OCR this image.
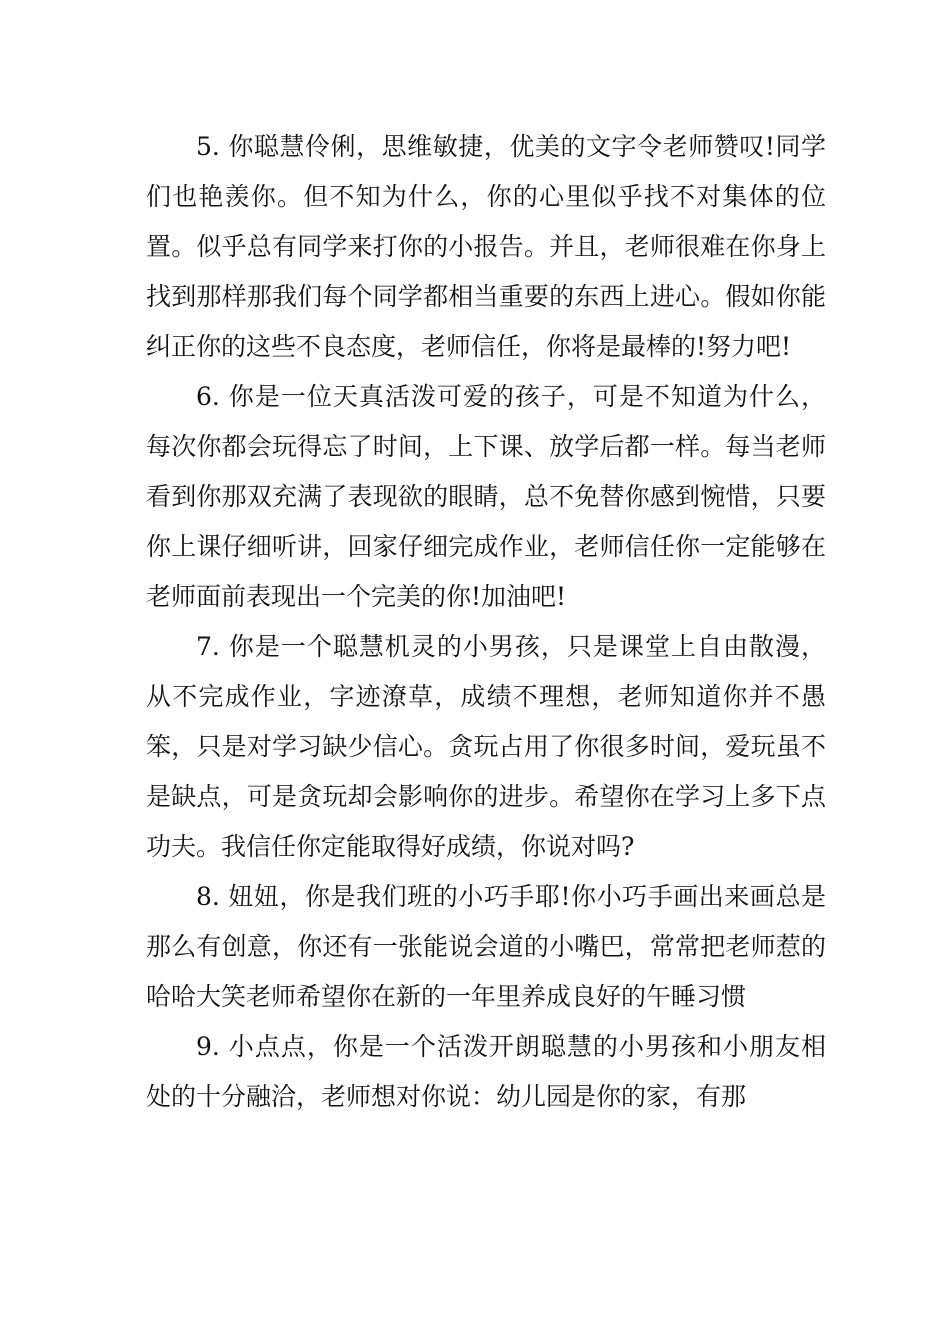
5. 你聪慧伶俐，思维敏捷，优美的文字令老师赞叹!同学们也艳羡你。但不知为什么，你的心里似乎找不对集体的位置。似乎总有同学来打你的小报告。并且，老师很难在你身上找到那样那我们每个同学都相当重要的东西上进心。假如你能纠正你的这些不良态度，老师信任，你将是最棒的!努力吧!

6. 你是一位天真活泼可爱的孩子，可是不知道为什么，每次你都会玩得忘了时间，上下课、放学后都一样。每当老师看到你那双充满了表现欲的眼睛，总不免替你感到惋惜，只要你上课仔细听讲，回家仔细完成作业，老师信任你一定能够在老师面前表现出一个完美的你!加油吧!

7. 你是一个聪慧机灵的小男孩，只是课堂上自由散漫，从不完成作业，字迹潦草，成绩不理想，老师知道你并不愚笨，只是对学习缺少信心。贪玩占用了你很多时间，爱玩虽不是缺点，可是贪玩却会影响你的进步。希望你在学习上多下点功夫。我信任你定能取得好成绩，你说对吗?

8. 妞妞，你是我们班的小巧手耶!你小巧手画出来画总是那么有创意，你还有一张能说会道的小嘴巴，常常把老师惹的哈哈大笑老师希望你在新的一年里养成良好的午睡习惯

9. 小点点，你是一个活泼开朗聪慧的小男孩和小朋友相处的十分融洽，老师想对你说：幼儿园是你的家，有那
